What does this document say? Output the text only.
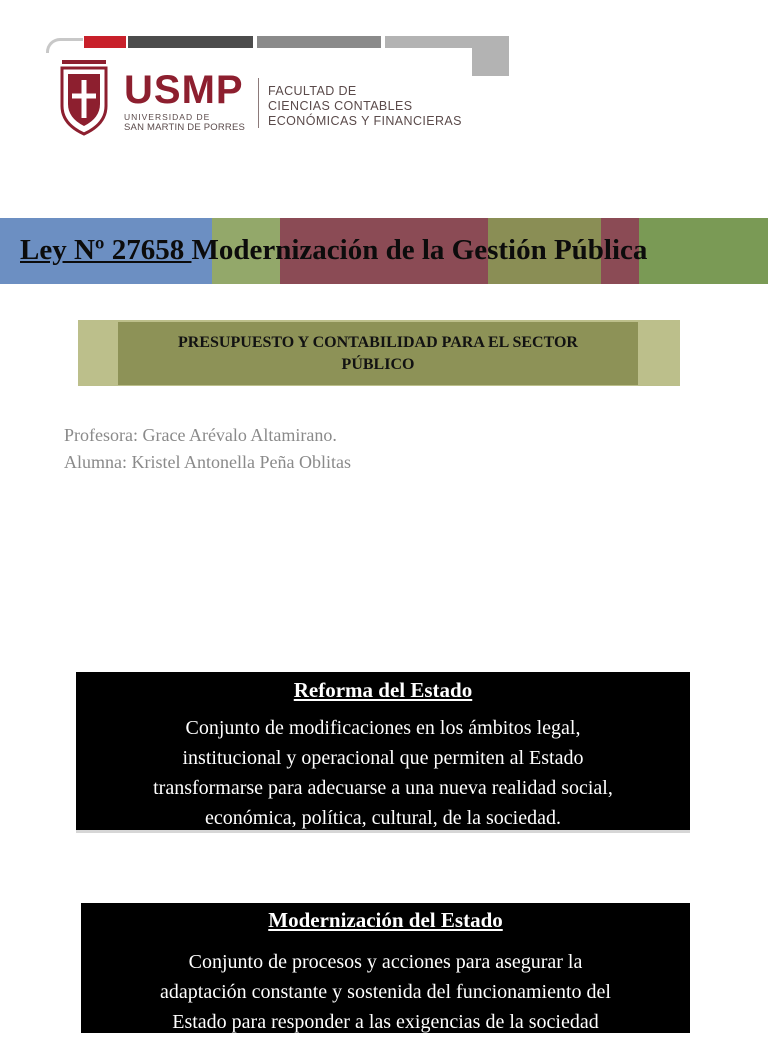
USMP
UNIVERSIDAD DE
SAN MARTIN DE PORRES
FACULTAD DE
CIENCIAS CONTABLES
ECONÓMICAS Y FINANCIERAS
Ley Nº 27658 Modernización de la Gestión Pública
PRESUPUESTO Y CONTABILIDAD PARA EL SECTOR
PÚBLICO
Profesora: Grace Arévalo Altamirano.
Alumna: Kristel Antonella Peña Oblitas
Reforma del Estado
Conjunto de modificaciones en los ámbitos legal,
institucional y operacional que permiten al Estado
transformarse para adecuarse a una nueva realidad social,
económica, política, cultural, de la sociedad.
Modernización del Estado
Conjunto de procesos y acciones para asegurar la
adaptación constante y sostenida del funcionamiento del
Estado para responder a las exigencias de la sociedad
